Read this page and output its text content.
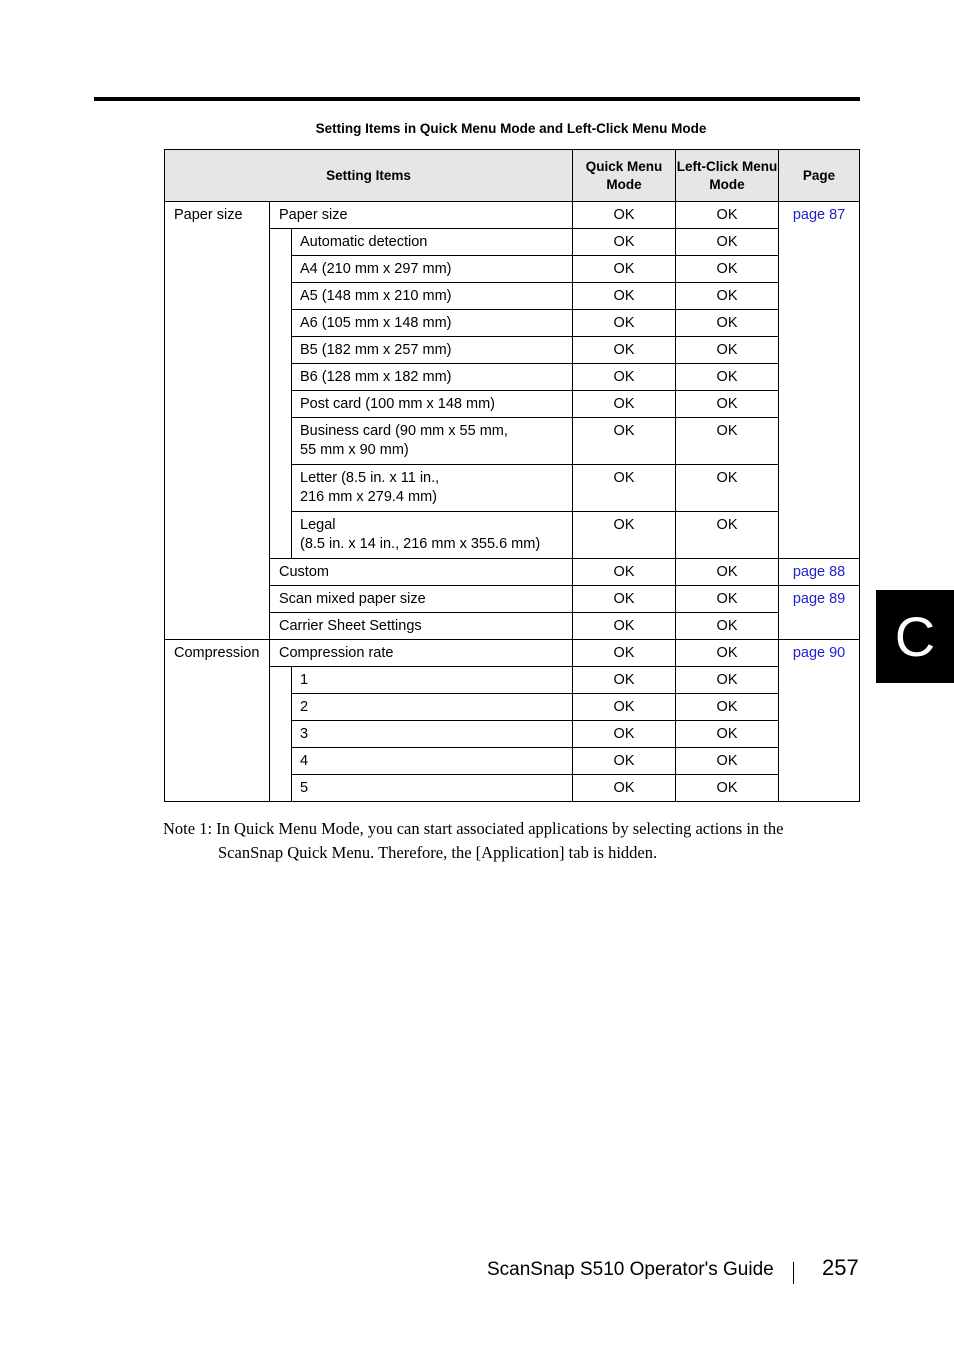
Setting Items in Quick Menu Mode and Left-Click Menu Mode
Setting Items			Quick Menu Mode	Left-Click Menu Mode	Page
Paper size	Paper size		OK	OK	page 87
		Automatic detection	OK	OK	
		A4 (210 mm x 297 mm)	OK	OK	
		A5 (148 mm x 210 mm)	OK	OK	
		A6 (105 mm x 148 mm)	OK	OK	
		B5 (182 mm x 257 mm)	OK	OK	
		B6 (128 mm x 182 mm)	OK	OK	
		Post card (100 mm x 148 mm)	OK	OK	
		Business card (90 mm x 55 mm,
55 mm x 90 mm)	OK	OK	
		Letter (8.5 in. x 11 in.,
216 mm x 279.4 mm)	OK	OK	
		Legal
(8.5 in. x 14 in., 216 mm x 355.6 mm)	OK	OK	
	Custom		OK	OK	page 88
	Scan mixed paper size		OK	OK	page 89
	Carrier Sheet Settings		OK	OK	
Compression	Compression rate		OK	OK	page 90
		1	OK	OK	
		2	OK	OK	
		3	OK	OK	
		4	OK	OK	
		5	OK	OK	
Note 1: In Quick Menu Mode, you can start associated applications by selecting actions in the
ScanSnap Quick Menu. Therefore, the [Application] tab is hidden.
C
ScanSnap S510 Operator's Guide 257
